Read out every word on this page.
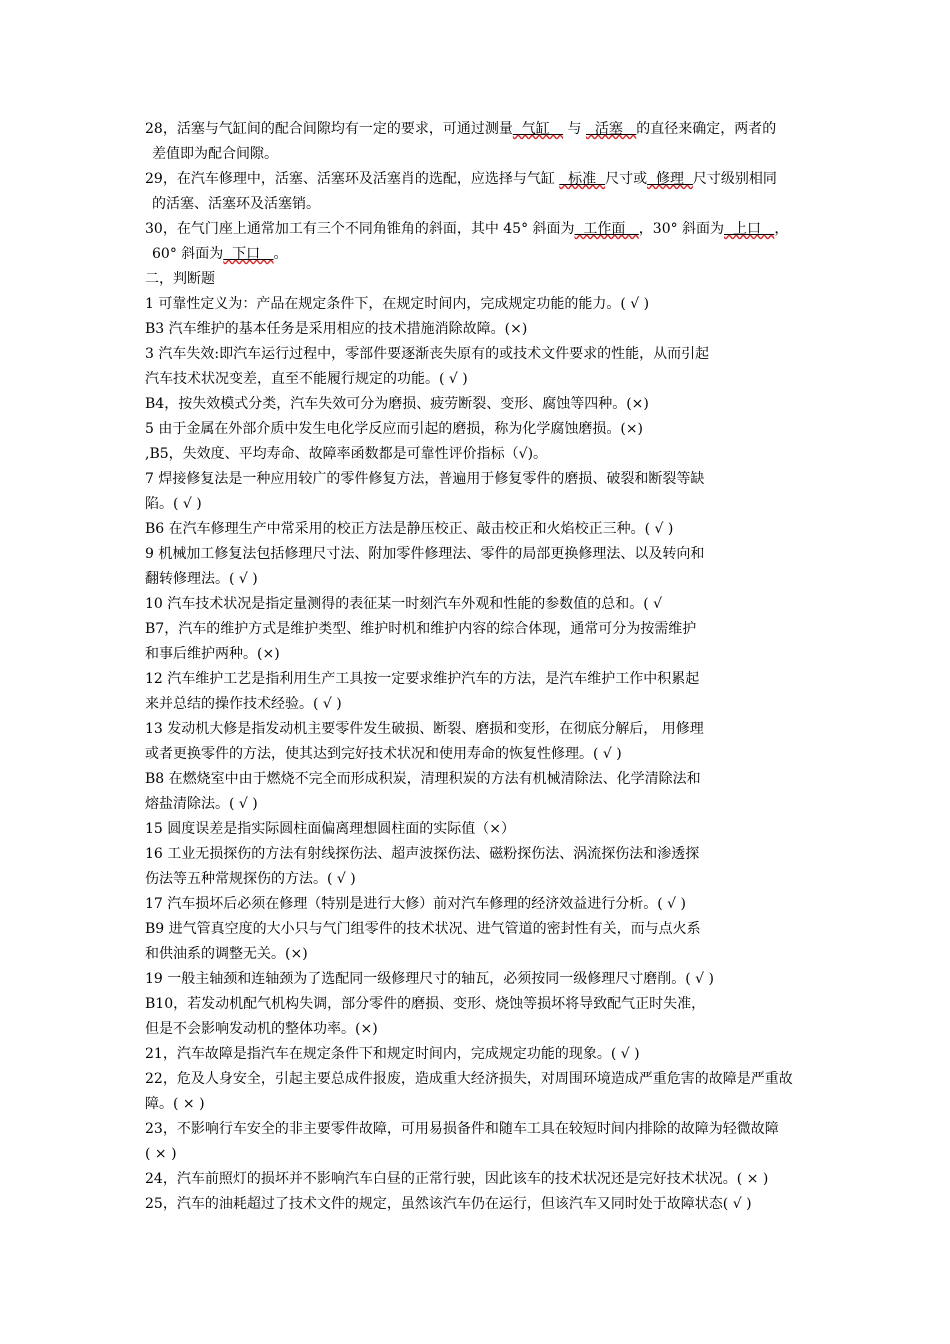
28，活塞与气缸间的配合间隙均有一定的要求，可通过测量  气缸    与   活塞   的直径来确定，两者的
差值即为配合间隙。
29，在汽车修理中，活塞、活塞环及活塞肖的选配，应选择与气缸   标准  尺寸或  修理  尺寸级别相同
的活塞、活塞环及活塞销。
30，在气门座上通常加工有三个不同角锥角的斜面，其中 45° 斜面为  工作面   ，30° 斜面为  上口   ，
60° 斜面为  下口   。
二，判断题
1 可靠性定义为：产品在规定条件下，在规定时间内，完成规定功能的能力。( √ )
B3 汽车维护的基本任务是采用相应的技术措施消除故障。(×)
3 汽车失效:即汽车运行过程中，零部件要逐渐丧失原有的或技术文件要求的性能，从而引起
汽车技术状况变差，直至不能履行规定的功能。( √ )
B4，按失效模式分类，汽车失效可分为磨损、疲劳断裂、变形、腐蚀等四种。(×)
5 由于金属在外部介质中发生电化学反应而引起的磨损，称为化学腐蚀磨损。(×)
,B5，失效度、平均寿命、故障率函数都是可靠性评价指标（√)。
7 焊接修复法是一种应用较广的零件修复方法，普遍用于修复零件的磨损、破裂和断裂等缺
陷。( √ )
B6 在汽车修理生产中常采用的校正方法是静压校正、敲击校正和火焰校正三种。( √ )
9 机械加工修复法包括修理尺寸法、附加零件修理法、零件的局部更换修理法、以及转向和
翻转修理法。( √ )
10 汽车技术状况是指定量测得的表征某一时刻汽车外观和性能的参数值的总和。( √
B7，汽车的维护方式是维护类型、维护时机和维护内容的综合体现，通常可分为按需维护
和事后维护两种。(×)
12 汽车维护工艺是指利用生产工具按一定要求维护汽车的方法，是汽车维护工作中积累起
来并总结的操作技术经验。( √ )
13 发动机大修是指发动机主要零件发生破损、断裂、磨损和变形，在彻底分解后， 用修理
或者更换零件的方法，使其达到完好技术状况和使用寿命的恢复性修理。( √ )
B8 在燃烧室中由于燃烧不完全而形成积炭，清理积炭的方法有机械清除法、化学清除法和
熔盐清除法。( √ )
15 圆度误差是指实际圆柱面偏离理想圆柱面的实际值（×）
16 工业无损探伤的方法有射线探伤法、超声波探伤法、磁粉探伤法、涡流探伤法和渗透探
伤法等五种常规探伤的方法。( √ )
17 汽车损坏后必须在修理（特别是进行大修）前对汽车修理的经济效益进行分析。( √ )
B9 进气管真空度的大小只与气门组零件的技术状况、进气管道的密封性有关，而与点火系
和供油系的调整无关。(×)
19 一般主轴颈和连轴颈为了选配同一级修理尺寸的轴瓦，必须按同一级修理尺寸磨削。( √ )
B10，若发动机配气机构失调，部分零件的磨损、变形、烧蚀等损坏将导致配气正时失准，
但是不会影响发动机的整体功率。(×)
21，汽车故障是指汽车在规定条件下和规定时间内，完成规定功能的现象。( √ )
22，危及人身安全，引起主要总成件报废，造成重大经济损失，对周围环境造成严重危害的故障是严重故
障。( × )
23，不影响行车安全的非主要零件故障，可用易损备件和随车工具在较短时间内排除的故障为轻微故障
( × )
24，汽车前照灯的损坏并不影响汽车白昼的正常行驶，因此该车的技术状况还是完好技术状况。( × )
25，汽车的油耗超过了技术文件的规定，虽然该汽车仍在运行，但该汽车又同时处于故障状态( √ )
